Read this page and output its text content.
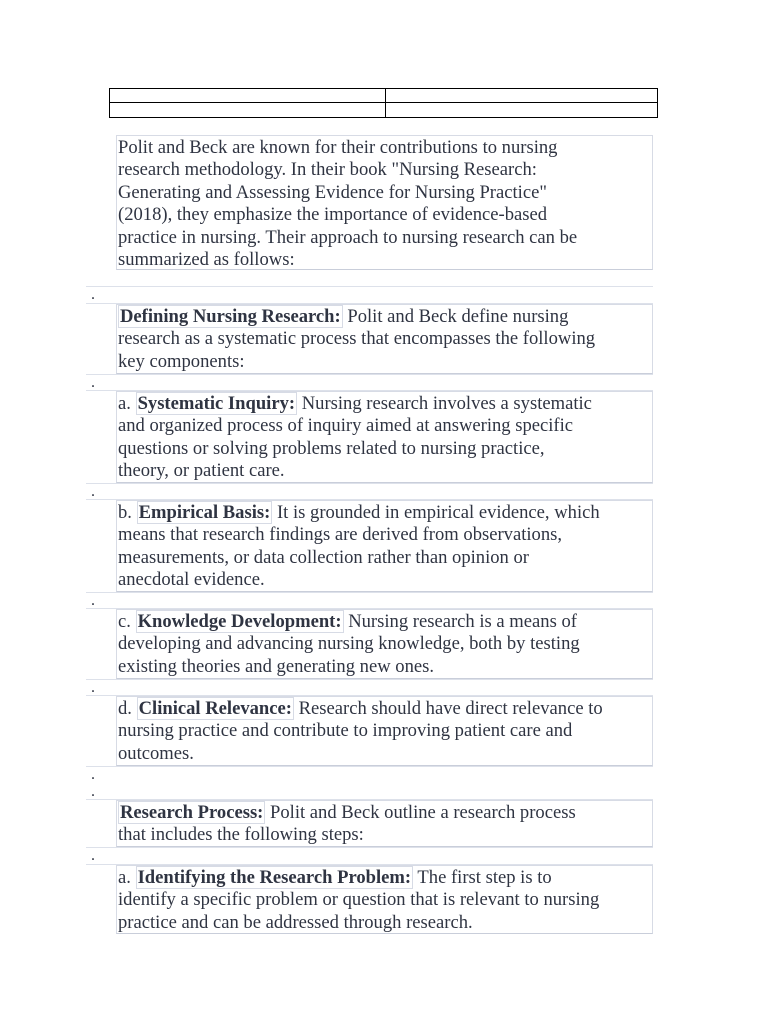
Polit and Beck are known for their contributions to nursing
research methodology. In their book "Nursing Research:
Generating and Assessing Evidence for Nursing Practice"
(2018), they emphasize the importance of evidence-based
practice in nursing. Their approach to nursing research can be
summarized as follows:
.
Defining Nursing Research: Polit and Beck define nursing
research as a systematic process that encompasses the following
key components:
.
a. Systematic Inquiry: Nursing research involves a systematic
and organized process of inquiry aimed at answering specific
questions or solving problems related to nursing practice,
theory, or patient care.
.
b. Empirical Basis: It is grounded in empirical evidence, which
means that research findings are derived from observations,
measurements, or data collection rather than opinion or
anecdotal evidence.
.
c. Knowledge Development: Nursing research is a means of
developing and advancing nursing knowledge, both by testing
existing theories and generating new ones.
.
d. Clinical Relevance: Research should have direct relevance to
nursing practice and contribute to improving patient care and
outcomes.
.
.
Research Process: Polit and Beck outline a research process
that includes the following steps:
.
a. Identifying the Research Problem: The first step is to
identify a specific problem or question that is relevant to nursing
practice and can be addressed through research.
